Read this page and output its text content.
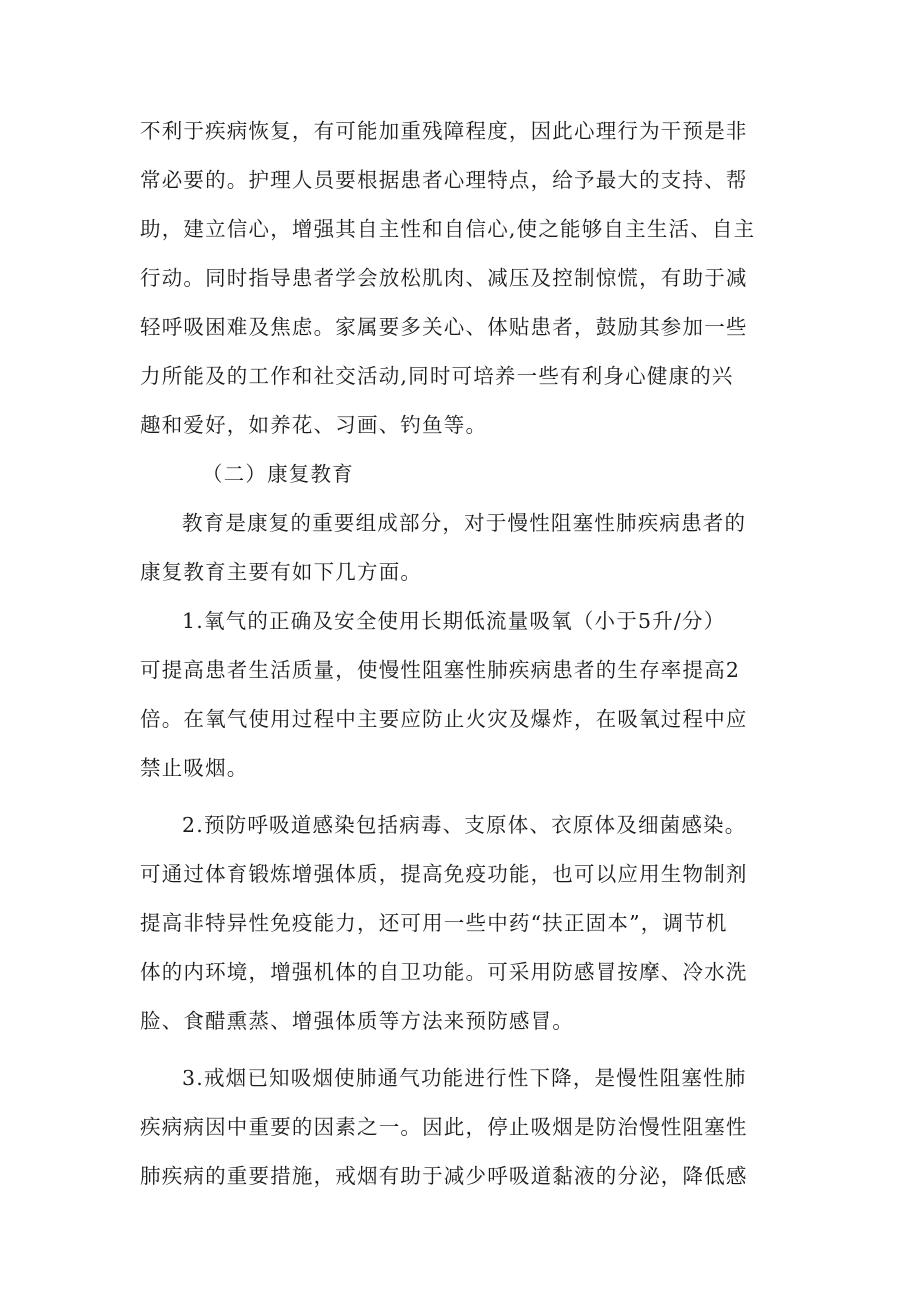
不利于疾病恢复，有可能加重残障程度，因此心理行为干预是非
常必要的。护理人员要根据患者心理特点，给予最大的支持、帮
助，建立信心，增强其自主性和自信心,使之能够自主生活、自主
行动。同时指导患者学会放松肌肉、减压及控制惊慌，有助于减
轻呼吸困难及焦虑。家属要多关心、体贴患者，鼓励其参加一些
力所能及的工作和社交活动,同时可培养一些有利身心健康的兴
趣和爱好，如养花、习画、钓鱼等。
（二）康复教育
教育是康复的重要组成部分，对于慢性阻塞性肺疾病患者的
康复教育主要有如下几方面。
1.氧气的正确及安全使用长期低流量吸氧（小于5升/分）
可提高患者生活质量，使慢性阻塞性肺疾病患者的生存率提高2
倍。在氧气使用过程中主要应防止火灾及爆炸，在吸氧过程中应
禁止吸烟。
2.预防呼吸道感染包括病毒、支原体、衣原体及细菌感染。
可通过体育锻炼增强体质，提高免疫功能，也可以应用生物制剂
提高非特异性免疫能力，还可用一些中药“扶正固本”，调节机
体的内环境，增强机体的自卫功能。可采用防感冒按摩、冷水洗
脸、食醋熏蒸、增强体质等方法来预防感冒。
3.戒烟已知吸烟使肺通气功能进行性下降，是慢性阻塞性肺
疾病病因中重要的因素之一。因此，停止吸烟是防治慢性阻塞性
肺疾病的重要措施，戒烟有助于减少呼吸道黏液的分泌，降低感
